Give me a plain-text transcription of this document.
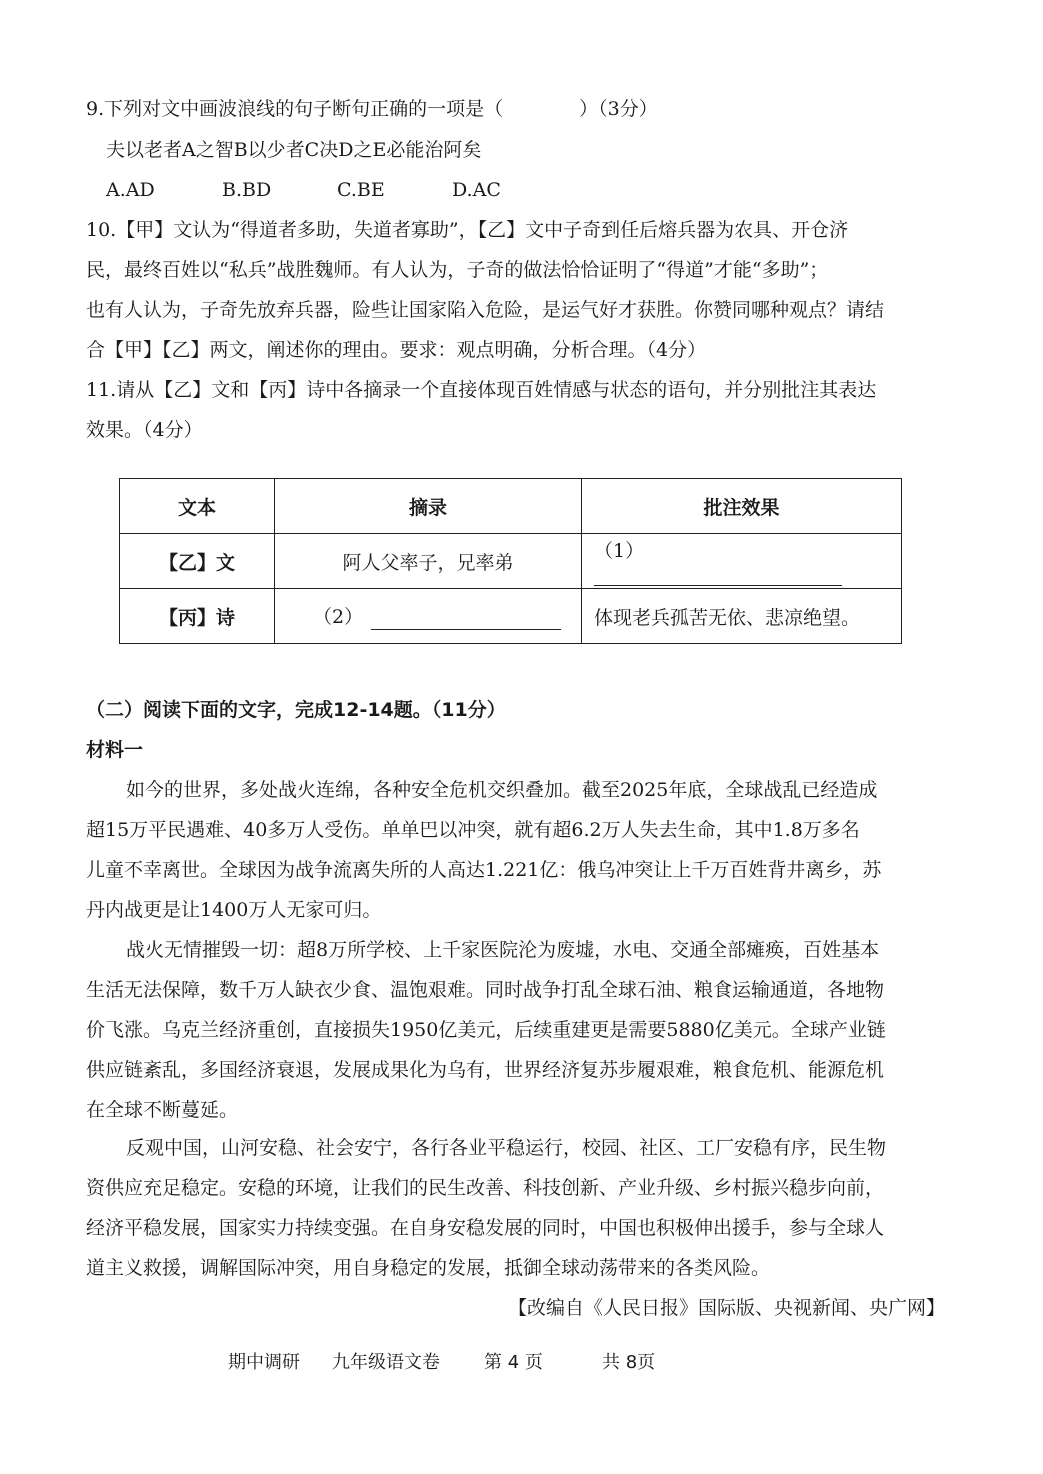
9.下列对文中画波浪线的句子断句正确的一项是（　　　　）（3分）
夫以老者A之智B以少者C决D之E必能治阿矣
A.AD	B.BD	C.BE	D.AC
10.【甲】文认为“得道者多助，失道者寡助”，【乙】文中子奇到任后熔兵器为农具、开仓济
民，最终百姓以“私兵”战胜魏师。有人认为，子奇的做法恰恰证明了“得道”才能“多助”；
也有人认为，子奇先放弃兵器，险些让国家陷入危险，是运气好才获胜。你赞同哪种观点？请结
合【甲】【乙】两文，阐述你的理由。要求：观点明确，分析合理。（4分）
11.请从【乙】文和【丙】诗中各摘录一个直接体现百姓情感与状态的语句，并分别批注其表达
效果。（4分）
文本	摘录	批注效果
【乙】文	阿人父率子，兄率弟	（1）
【丙】诗	（2）	体现老兵孤苦无依、悲凉绝望。
（二）阅读下面的文字，完成12-14题。（11分）
材料一
如今的世界，多处战火连绵，各种安全危机交织叠加。截至2025年底，全球战乱已经造成
超15万平民遇难、40多万人受伤。单单巴以冲突，就有超6.2万人失去生命，其中1.8万多名
儿童不幸离世。全球因为战争流离失所的人高达1.221亿：俄乌冲突让上千万百姓背井离乡，苏
丹内战更是让1400万人无家可归。
战火无情摧毁一切：超8万所学校、上千家医院沦为废墟，水电、交通全部瘫痪，百姓基本
生活无法保障，数千万人缺衣少食、温饱艰难。同时战争打乱全球石油、粮食运输通道，各地物
价飞涨。乌克兰经济重创，直接损失1950亿美元，后续重建更是需要5880亿美元。全球产业链
供应链紊乱，多国经济衰退，发展成果化为乌有，世界经济复苏步履艰难，粮食危机、能源危机
在全球不断蔓延。
反观中国，山河安稳、社会安宁，各行各业平稳运行，校园、社区、工厂安稳有序，民生物
资供应充足稳定。安稳的环境，让我们的民生改善、科技创新、产业升级、乡村振兴稳步向前，
经济平稳发展，国家实力持续变强。在自身安稳发展的同时，中国也积极伸出援手，参与全球人
道主义救援，调解国际冲突，用自身稳定的发展，抵御全球动荡带来的各类风险。
【改编自《人民日报》国际版、央视新闻、央广网】
期中调研 九年级语文卷 第 4 页	共 8页
